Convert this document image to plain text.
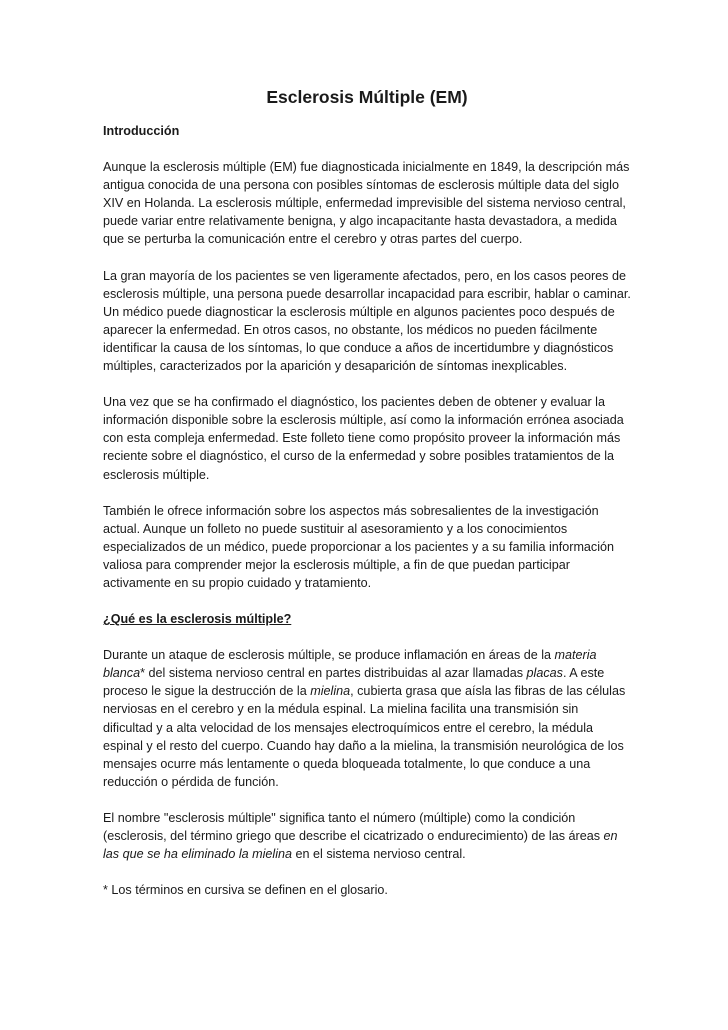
Esclerosis Múltiple (EM)
Introducción

Aunque la esclerosis múltiple (EM) fue diagnosticada inicialmente en 1849, la descripción más antigua conocida de una persona con posibles síntomas de esclerosis múltiple data del siglo XIV en Holanda. La esclerosis múltiple, enfermedad imprevisible del sistema nervioso central, puede variar entre relativamente benigna, y algo incapacitante hasta devastadora, a medida que se perturba la comunicación entre el cerebro y otras partes del cuerpo.

La gran mayoría de los pacientes se ven ligeramente afectados, pero, en los casos peores de esclerosis múltiple, una persona puede desarrollar incapacidad para escribir, hablar o caminar. Un médico puede diagnosticar la esclerosis múltiple en algunos pacientes poco después de aparecer la enfermedad. En otros casos, no obstante, los médicos no pueden fácilmente identificar la causa de los síntomas, lo que conduce a años de incertidumbre y diagnósticos múltiples, caracterizados por la aparición y desaparición de síntomas inexplicables.

Una vez que se ha confirmado el diagnóstico, los pacientes deben de obtener y evaluar la información disponible sobre la esclerosis múltiple, así como la información errónea asociada con esta compleja enfermedad. Este folleto tiene como propósito proveer la información más reciente sobre el diagnóstico, el curso de la enfermedad y sobre posibles tratamientos de la esclerosis múltiple.

También le ofrece información sobre los aspectos más sobresalientes de la investigación actual. Aunque un folleto no puede sustituir al asesoramiento y a los conocimientos especializados de un médico, puede proporcionar a los pacientes y a su familia información valiosa para comprender mejor la esclerosis múltiple, a fin de que puedan participar activamente en su propio cuidado y tratamiento.

¿Qué es la esclerosis múltiple?

Durante un ataque de esclerosis múltiple, se produce inflamación en áreas de la materia blanca* del sistema nervioso central en partes distribuidas al azar llamadas placas. A este proceso le sigue la destrucción de la mielina, cubierta grasa que aísla las fibras de las células nerviosas en el cerebro y en la médula espinal. La mielina facilita una transmisión sin dificultad y a alta velocidad de los mensajes electroquímicos entre el cerebro, la médula espinal y el resto del cuerpo. Cuando hay daño a la mielina, la transmisión neurológica de los mensajes ocurre más lentamente o queda bloqueada totalmente, lo que conduce a una reducción o pérdida de función.

El nombre "esclerosis múltiple" significa tanto el número (múltiple) como la condición (esclerosis, del término griego que describe el cicatrizado o endurecimiento) de las áreas en las que se ha eliminado la mielina en el sistema nervioso central.

* Los términos en cursiva se definen en el glosario.
